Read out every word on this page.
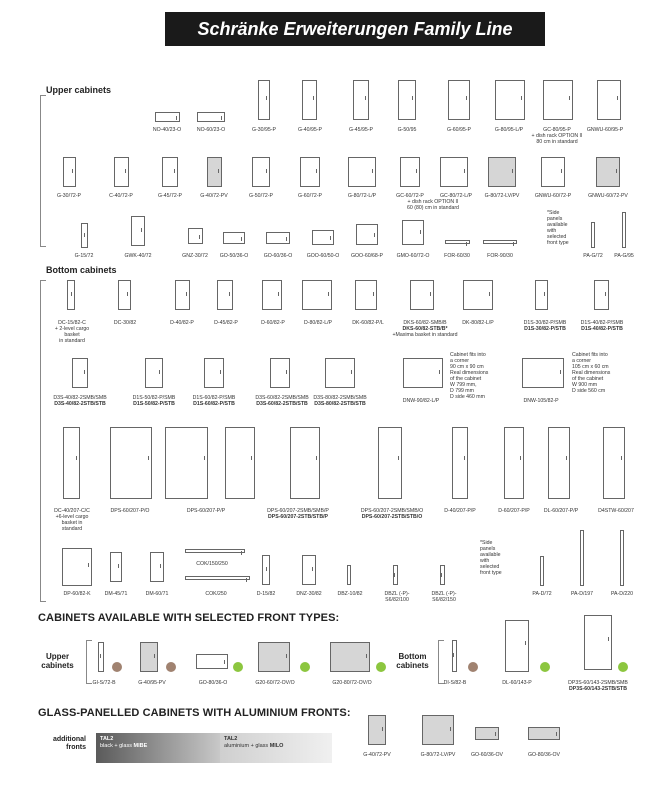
Schränke Erweiterungen Family Line
Upper cabinets
NO-40/23-O	NO-60/23-O	G-30/95-P	G-40/95-P	G-45/95-P	G-50/95	G-60/95-P	G-80/95-L/P	GC-80/95-P	GNWU-60/95-P
+ dish rack OPTION II
80 cm in standard
G-30/72-P	C-40/72-P	G-45/72-P	G-40/72-PV	G-50/72-P	G-60/72-P	G-80/72-L/P	GC-60/72-P	GC-80/72-L/P G-80/72-LV/PV	GNWU-60/72-P	GNWU-60/72-PV
+ dish rack OPTION II
60 (80) cm in standard
G-15/72	GWK-40/72	GNZ-30/72 GO-50/36-O	GO-60/36-O	GOO-60/50-O GOO-60/68-P	GMO-60/72-O	FOR-60/30	FOR-90/30	PA-G/72 PA-G/95
*Side
panels
available
with
selected
front type
Bottom cabinets
DC-15/82-C
+ 2-level cargo
basket
in standard
DC-30/82	D-40/82-P	D-45/82-P	D-60/82-P	D-80/82-L/P	DK-60/82-P/L	DKS-60/82-SMB/B
DKS-60/82-STB/B*
+Maxima basket in standard
DK-80/82-L/P	D1S-30/82-P/SMB
D1S-30/82-P/STB
D1S-40/82-P/SMB
D1S-40/82-P/STB
D3S-40/82-2SMB/SMB
D3S-40/82-2STB/STB
D1S-50/82-P/SMB
D1S-50/82-P/STB
D1S-60/82-P/SMB
D1S-60/82-P/STB
D3S-60/82-2SMB/SMB
D3S-60/82-2STB/STB
D3S-80/82-2SMB/SMB
D3S-80/82-2STB/STB	DNW-90/82-L/P	DNW-105/82-P
Cabinet fits into
a corner
90 cm x 90 cm
Real dimensions
of the cabinet
W 799 mm,
D 799 mm
D side 460 mm
Cabinet fits into
a corner
105 cm x 60 cm
Real dimensions
of the cabinet
W 900 mm
D side 560 cm
DC-40/207-C/C
+6-level cargo
basket in
standard
DPS-60/207-P/O	DPS-60/207-P/P	DPS-60/207-2SMB/SMB/P
DPS-60/207-2STB/STB/P
DPS-60/207-2SMB/SMB/O
DPS-60/207-2STB/STB/O
D-40/207-P/P	D-60/207-P/P	DL-60/207-P/P	D4STW-60/207
DP-60/82-K	DM-45/71	DM-60/71
COK/150/250
COK/250	D-15/82	DNZ-30/82	DBZ-10/82	DBZL (-P)-S6/82/100
DBZL (-P)-S6/82/150
PA-D/72	PA-D/197	PA-D/220
*Side
panels
available
with
selected
front type
CABINETS AVAILABLE WITH SELECTED FRONT TYPES:
Upper cabinets
Bottom cabinets
GI-S/72-B	G-40/95-PV	GO-80/36-O	G20-60/72-OV/O	G20-80/72-OV/O	DI-S/82-B	DL-60/143-P	DP3S-60/143-2SMB/SMB
DP3S-60/143-2STB/STB
GLASS-PANELLED CABINETS WITH ALUMINIUM FRONTS:
additional fronts
TAL2
black + glass MIBE
TAL2
aluminium + glass MILO
G-40/72-PV	G-80/72-LV/PV	GO-60/36-OV	GO-80/36-OV
